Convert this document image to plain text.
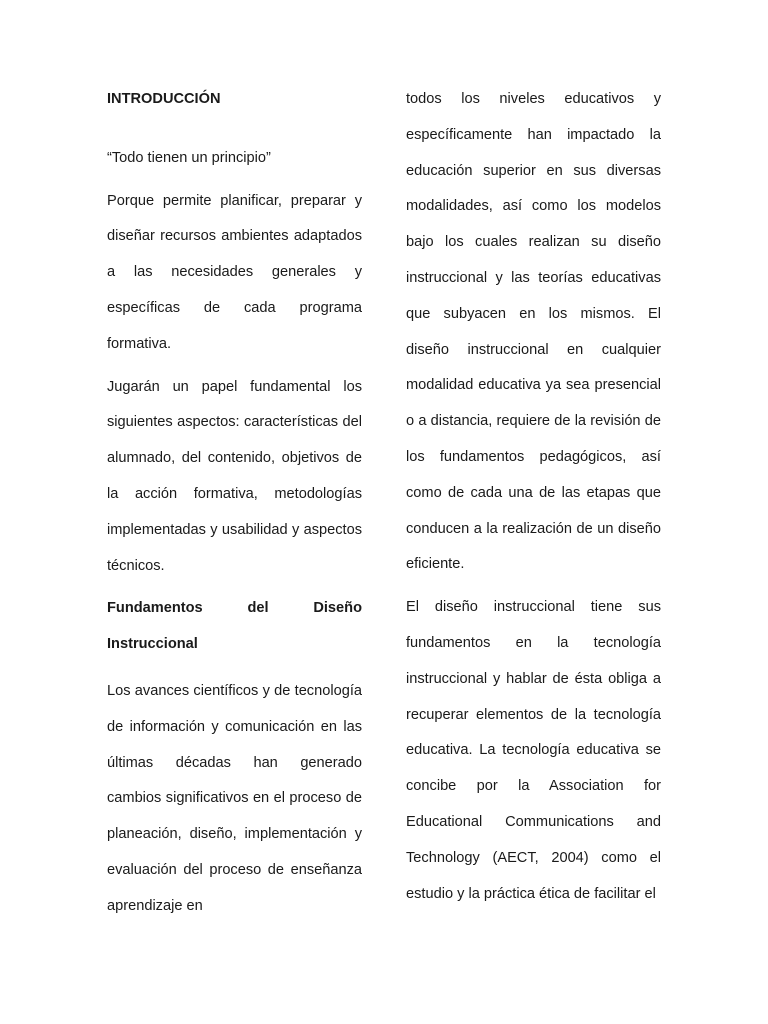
INTRODUCCIÓN

“Todo tienen un principio”

Porque permite planificar, preparar y diseñar recursos ambientes adaptados a las necesidades generales y específicas de cada programa formativa.

Jugarán un papel fundamental los siguientes aspectos: características del alumnado, del contenido, objetivos de la acción formativa, metodologías implementadas y usabilidad y aspectos técnicos.

Fundamentos del Diseño Instruccional

Los avances científicos y de tecnología de información y comunicación en las últimas décadas han generado cambios significativos en el proceso de planeación, diseño, implementación y evaluación del proceso de enseñanza aprendizaje en

todos los niveles educativos y específicamente han impactado la educación superior en sus diversas modalidades, así como los modelos bajo los cuales realizan su diseño instruccional y las teorías educativas que subyacen en los mismos. El diseño instruccional en cualquier modalidad educativa ya sea presencial o a distancia, requiere de la revisión de los fundamentos pedagógicos, así como de cada una de las etapas que conducen a la realización de un diseño eficiente.

El diseño instruccional tiene sus fundamentos en la tecnología instruccional y hablar de ésta obliga a recuperar elementos de la tecnología educativa. La tecnología educativa se concibe por la Association for Educational Communications and Technology (AECT, 2004) como el estudio y la práctica ética de facilitar el
